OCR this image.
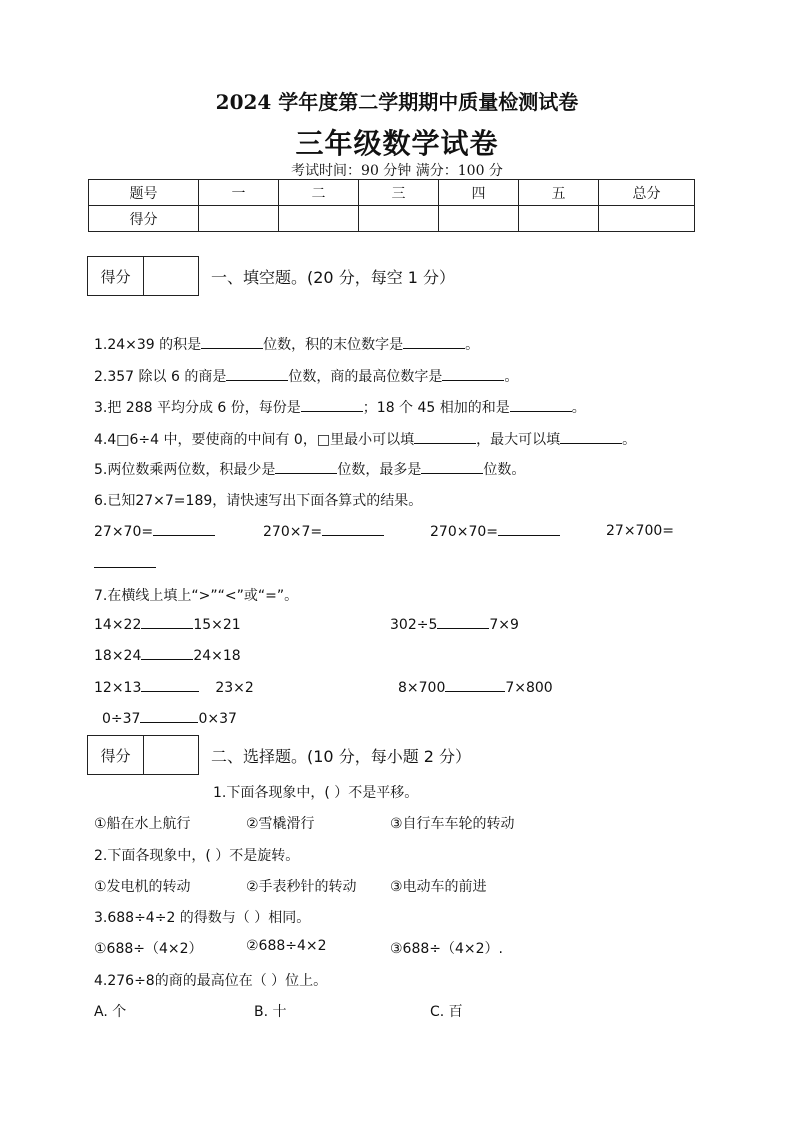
2024 学年度第二学期期中质量检测试卷
三年级数学试卷
考试时间：90 分钟 满分：100 分
题号	一	二	三	四	五	总分
得分						
得分	一、填空题。(20 分，每空 1 分）
1.24×39 的积是	位数，积的末位数字是	。
2.357 除以 6 的商是	位数，商的最高位数字是	。
3.把 288 平均分成 6 份，每份是	；18 个 45 相加的和是	。
4.4□6÷4 中，要使商的中间有 0，□里最小可以填	，最大可以填	。
5.两位数乘两位数，积最少是	位数，最多是	位数。
6.已知27×7=189，请快速写出下面各算式的结果。
27×70=	270×7=	270×70=	27×700=
7.在横线上填上“>”“<”或“=”。
14×22	15×21	302÷5	7×9
18×24	24×18
12×13	23×2	8×700	7×800
0÷37	0×37
得分	二、选择题。(10 分，每小题 2 分）
1.下面各现象中，( ）不是平移。
①船在水上航行	②雪橇滑行	③自行车车轮的转动
2.下面各现象中，( ）不是旋转。
①发电机的转动	②手表秒针的转动 ③电动车的前进
3.688÷4÷2 的得数与（ ）相同。
①688÷（4×2）	②688÷4×2	③688÷（4×2）.
4.276÷8的商的最高位在（ ）位上。
A. 个	B. 十	C. 百
